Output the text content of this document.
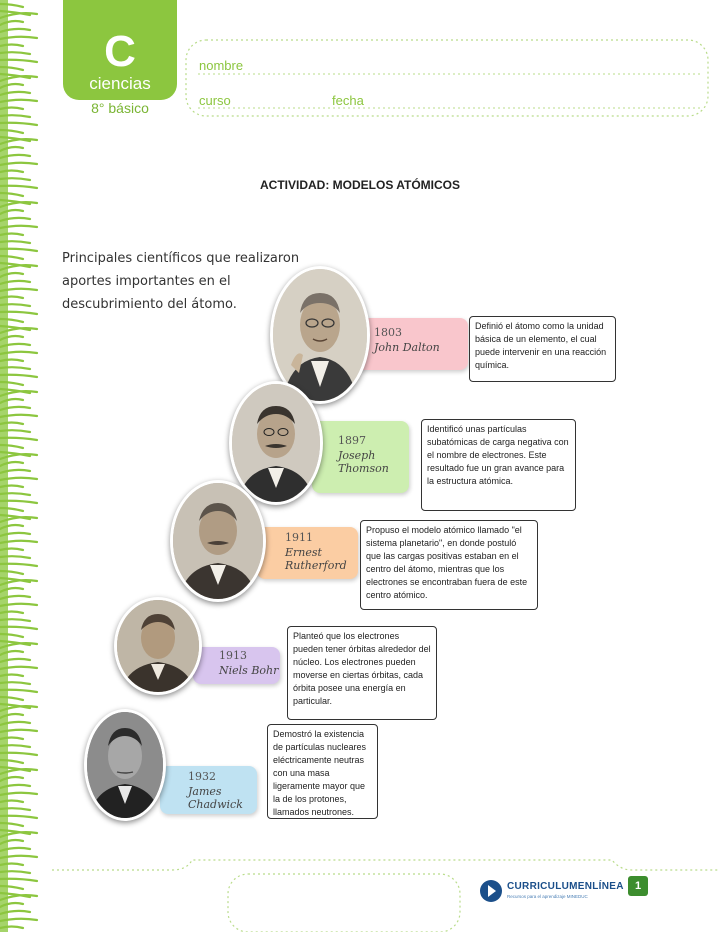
C
ciencias
8° básico
nombre
curso	fecha
ACTIVIDAD: MODELOS ATÓMICOS
Principales científicos que realizaron aportes importantes en el descubrimiento del átomo.
1803
John Dalton
Definió el átomo como la unidad básica de un elemento, el cual puede intervenir en una reacción química.
1897
Joseph Thomson
Identificó unas partículas subatómicas de carga negativa con el nombre de electrones. Este resultado fue un gran avance para la estructura atómica.
1911
Ernest Rutherford
Propuso el modelo atómico llamado "el sistema planetario", en donde postuló que las cargas positivas estaban en el centro del átomo, mientras que los electrones se encontraban fuera de este centro atómico.
1913
Niels Bohr
Planteó que los electrones pueden tener órbitas alrededor del núcleo. Los electrones pueden moverse en ciertas órbitas, cada órbita posee una energía en particular.
1932
James Chadwick
Demostró la existencia de partículas nucleares eléctricamente neutras con una masa ligeramente mayor que la de los protones, llamados neutrones.
CURRICULUMENLÍNEA
Recursos para el aprendizaje MINEDUC
1
